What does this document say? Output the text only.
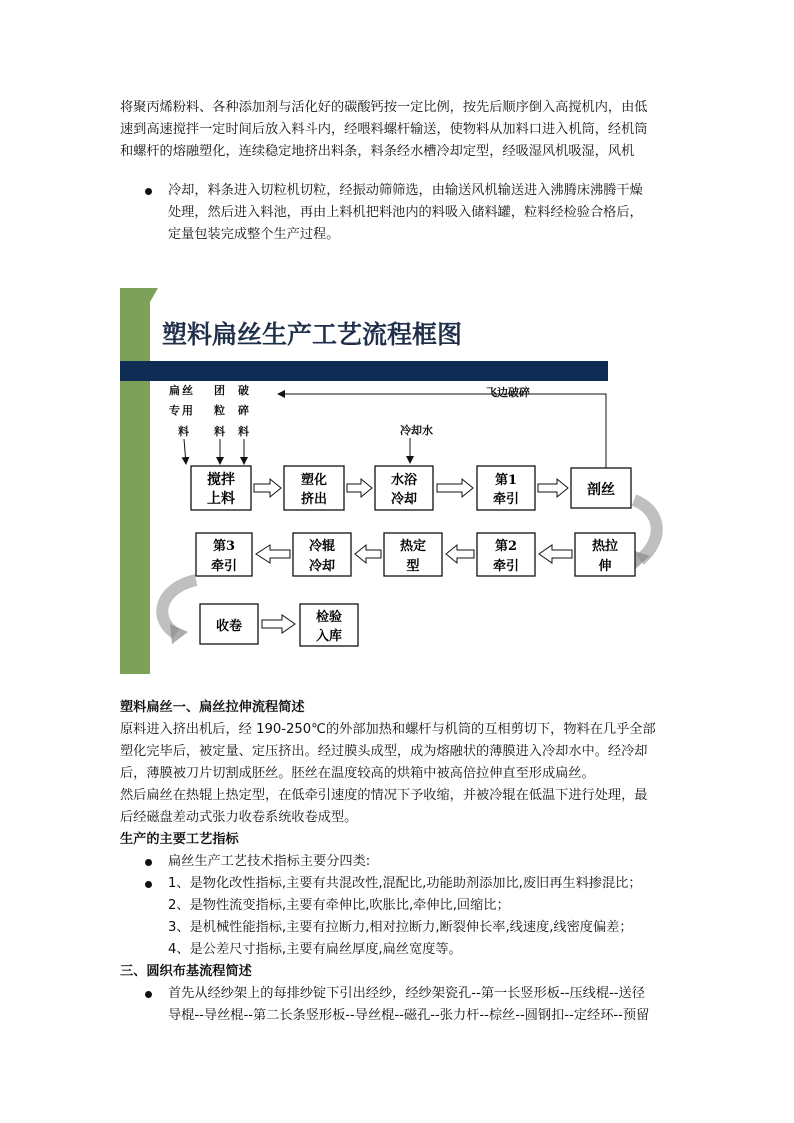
将聚丙烯粉料、各种添加剂与活化好的碳酸钙按一定比例，按先后顺序倒入高搅机内，由低
速到高速搅拌一定时间后放入料斗内，经喂料螺杆输送，使物料从加料口进入机筒，经机筒
和螺杆的熔融塑化，连续稳定地挤出料条，料条经水槽冷却定型，经吸湿风机吸湿，风机
冷却，料条进入切粒机切粒，经振动筛筛选，由输送风机输送进入沸腾床沸腾干燥
处理，然后进入料池，再由上料机把料池内的料吸入储料罐，粒料经检验合格后，
定量包装完成整个生产过程。
塑料扁丝生产工艺流程框图
扁 丝
专 用
料
团
粒
料
破
碎
料
飞边破碎
冷却水
搅拌
上料
塑化
挤出
水浴
冷却
第1
牵引
剖丝
第3
牵引
冷辊
冷却
热定
型
第2
牵引
热拉
伸
收卷
检验
入库
塑料扁丝一、扁丝拉伸流程简述
原料进入挤出机后，经 190-250℃的外部加热和螺杆与机筒的互相剪切下，物料在几乎全部
塑化完毕后，被定量、定压挤出。经过膜头成型，成为熔融状的薄膜进入冷却水中。经冷却
后，薄膜被刀片切割成胚丝。胚丝在温度较高的烘箱中被高倍拉伸直至形成扁丝。
然后扁丝在热辊上热定型，在低牵引速度的情况下予收缩，并被冷辊在低温下进行处理，最
后经磁盘差动式张力收卷系统收卷成型。
生产的主要工艺指标
扁丝生产工艺技术指标主要分四类:
1、是物化改性指标,主要有共混改性,混配比,功能助剂添加比,废旧再生料掺混比；
2、是物性流变指标,主要有牵伸比,吹胀比,牵伸比,回缩比；
3、是机械性能指标,主要有拉断力,相对拉断力,断裂伸长率,线速度,线密度偏差；
4、是公差尺寸指标,主要有扁丝厚度,扁丝宽度等。
三、圆织布基流程简述
首先从经纱架上的每排纱锭下引出经纱，经纱架瓷孔--第一长竖形板--压线棍--送径
导棍--导丝棍--第二长条竖形板--导丝棍--磁孔--张力杆--棕丝--圆钢扣--定经环--预留
